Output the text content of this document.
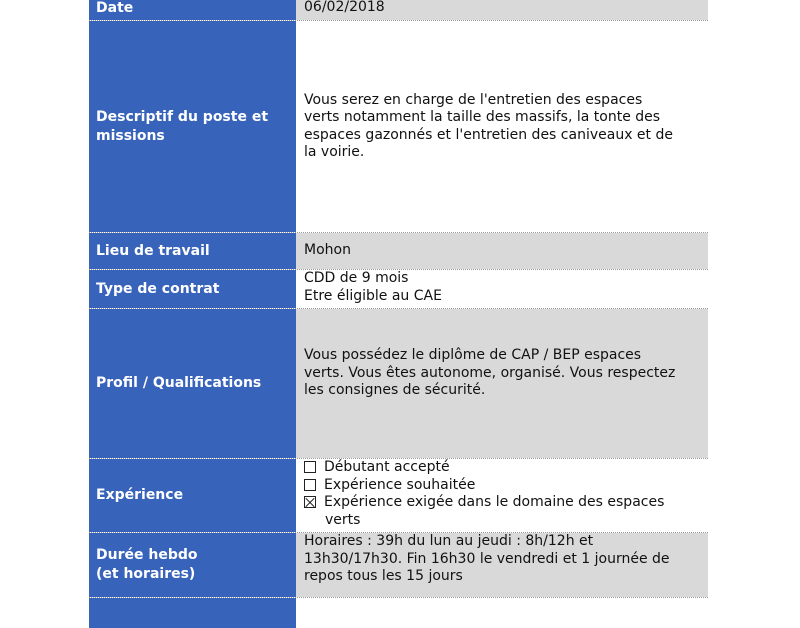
Date	06/02/2018
Descriptif du poste et
missions
Vous serez en charge de l'entretien des espaces
verts notamment la taille des massifs, la tonte des
espaces gazonnés et l'entretien des caniveaux et de
la voirie.
Lieu de travail	Mohon
Type de contrat
CDD de 9 mois
Etre éligible au CAE
Profil / Qualifications
Vous possédez le diplôme de CAP / BEP espaces
verts. Vous êtes autonome, organisé. Vous respectez
les consignes de sécurité.
Expérience
Débutant accepté
Expérience souhaitée
Expérience exigée dans le domaine des espaces
verts
Durée hebdo
(et horaires)
Horaires : 39h du lun au jeudi : 8h/12h et
13h30/17h30. Fin 16h30 le vendredi et 1 journée de
repos tous les 15 jours
